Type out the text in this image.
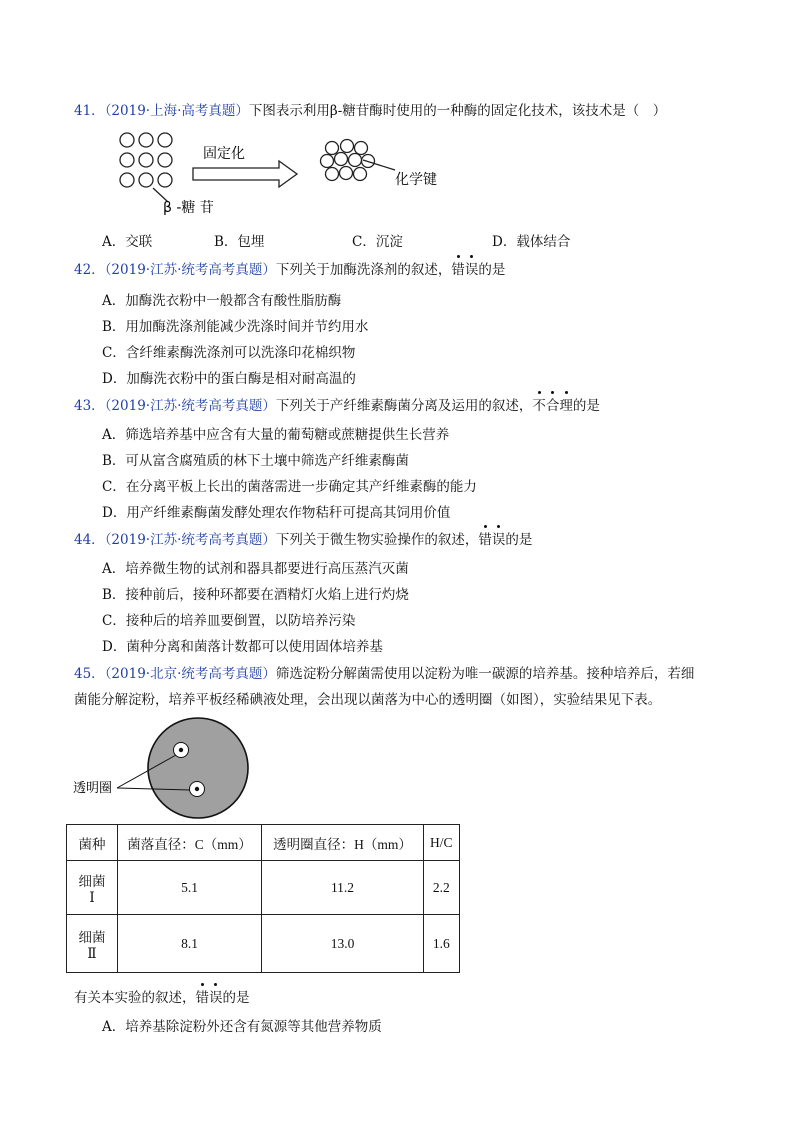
41．（2019·上海·高考真题）下图表示利用β-糖苷酶时使用的一种酶的固定化技术，该技术是（　）
固定化
β -糖 苷
化学键
A．交联	B．包埋	C．沉淀	D．载体结合
42．（2019·江苏·统考高考真题）下列关于加酶洗涤剂的叙述，错误的是
A．加酶洗衣粉中一般都含有酸性脂肪酶
B．用加酶洗涤剂能减少洗涤时间并节约用水
C．含纤维素酶洗涤剂可以洗涤印花棉织物
D．加酶洗衣粉中的蛋白酶是相对耐高温的
43．（2019·江苏·统考高考真题）下列关于产纤维素酶菌分离及运用的叙述，不合理的是
A．筛选培养基中应含有大量的葡萄糖或蔗糖提供生长营养
B．可从富含腐殖质的林下土壤中筛选产纤维素酶菌
C．在分离平板上长出的菌落需进一步确定其产纤维素酶的能力
D．用产纤维素酶菌发酵处理农作物秸秆可提高其饲用价值
44．（2019·江苏·统考高考真题）下列关于微生物实验操作的叙述，错误的是
A．培养微生物的试剂和器具都要进行高压蒸汽灭菌
B．接种前后，接种环都要在酒精灯火焰上进行灼烧
C．接种后的培养皿要倒置，以防培养污染
D．菌种分离和菌落计数都可以使用固体培养基
45．（2019·北京·统考高考真题）筛选淀粉分解菌需使用以淀粉为唯一碳源的培养基。接种培养后，若细
菌能分解淀粉，培养平板经稀碘液处理，会出现以菌落为中心的透明圈（如图），实验结果见下表。
透明圈
菌种	菌落直径：C（mm）	透明圈直径：H（mm）	H/C

细菌
Ⅰ	5.1	11.2	2.2

细菌
Ⅱ	8.1	13.0	1.6
有关本实验的叙述，错误的是
A．培养基除淀粉外还含有氮源等其他营养物质
